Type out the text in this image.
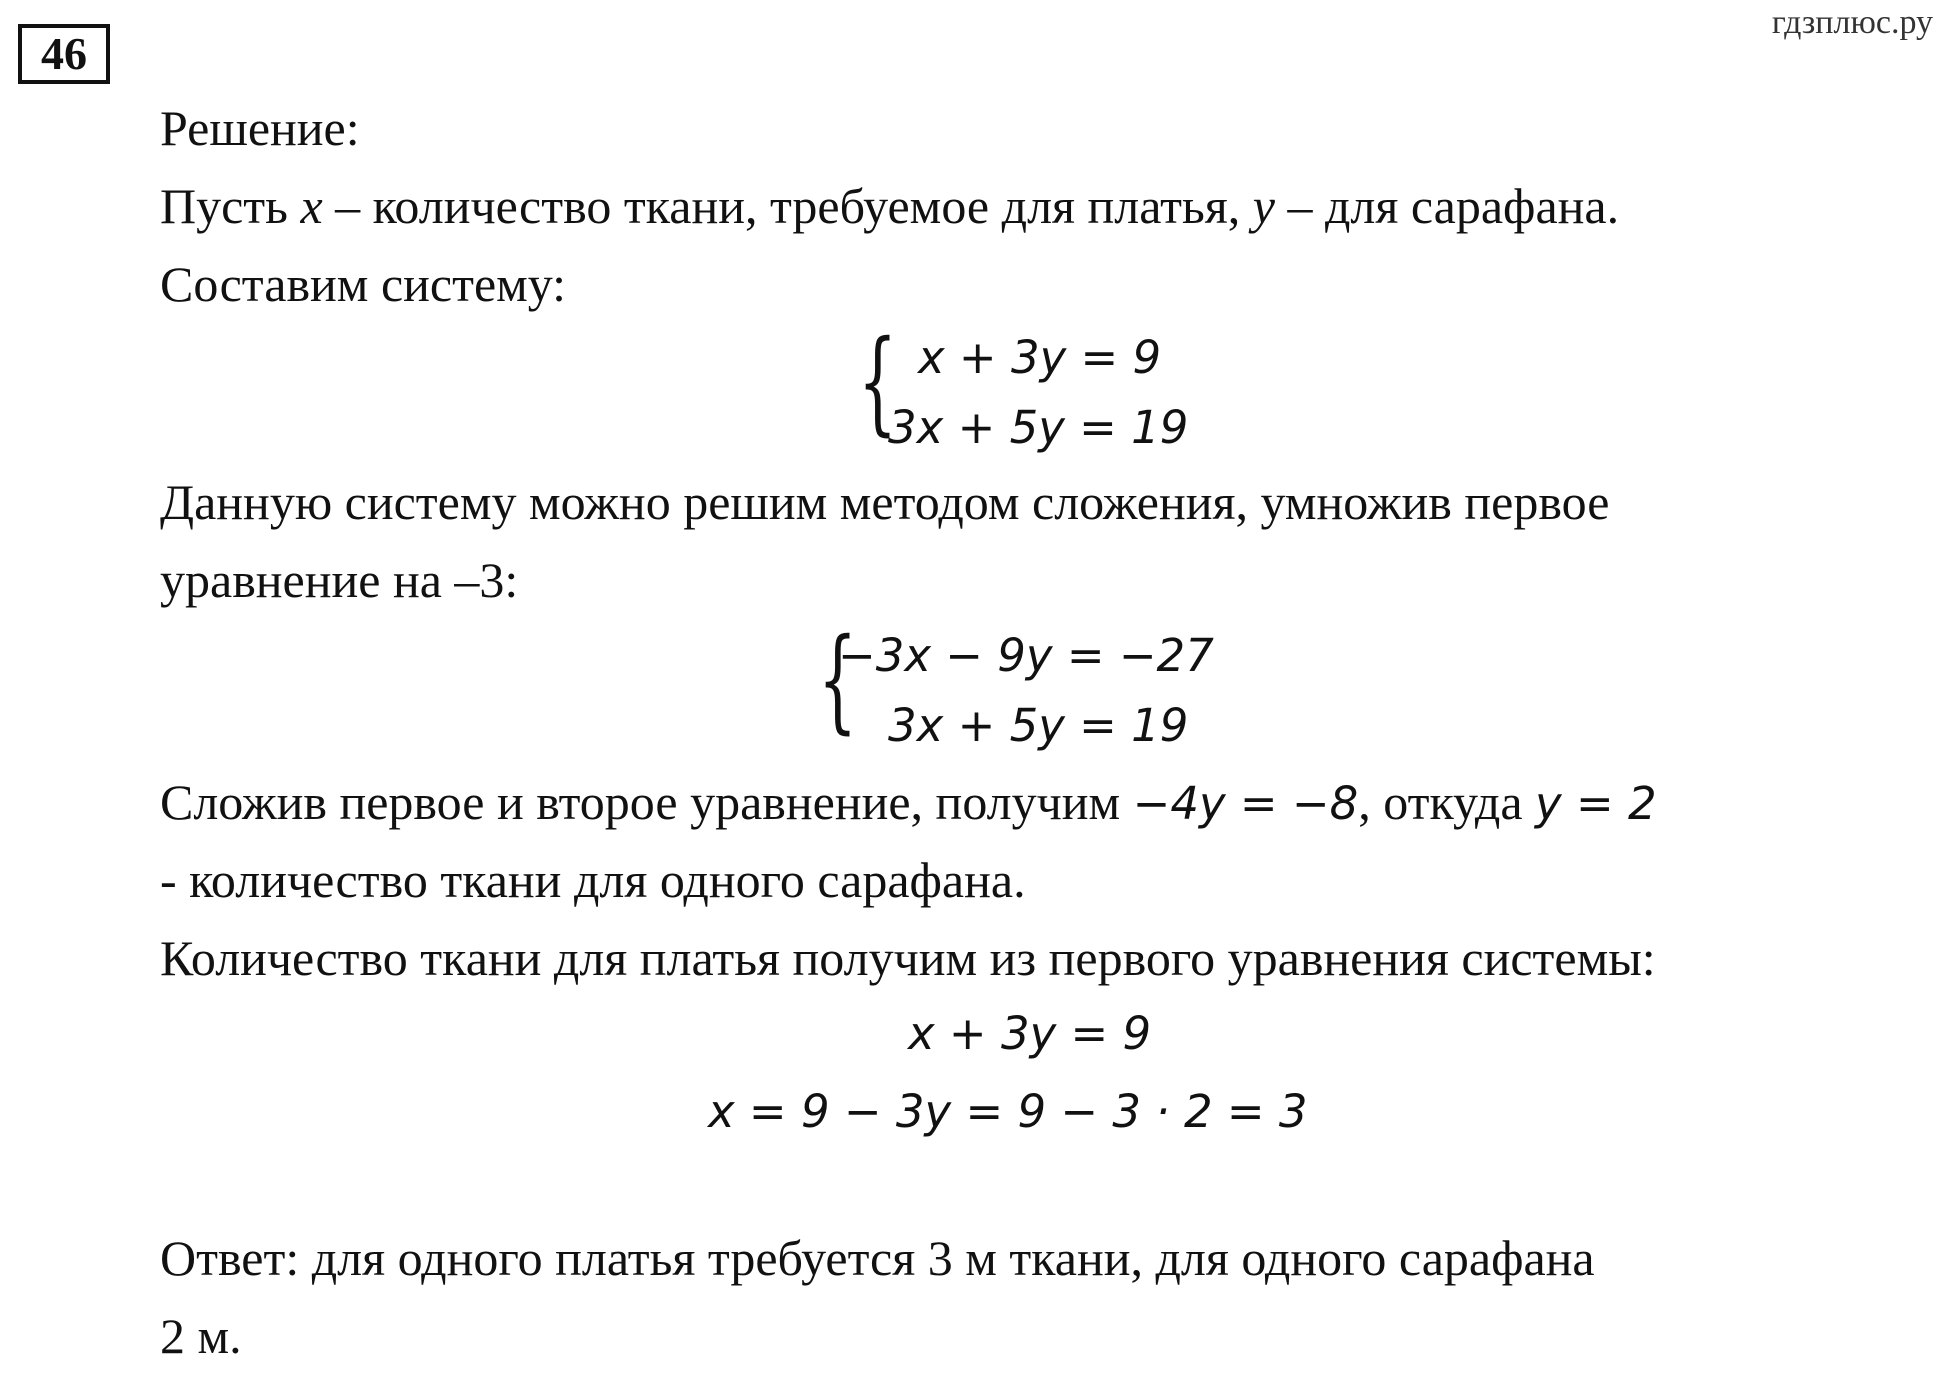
46
гдзплюс.ру
Решение:
Пусть x – количество ткани, требуемое для платья, y – для сарафана.
Составим систему:
{ x + 3y = 9
3x + 5y = 19
Данную систему можно решим методом сложения, умножив первое
уравнение на –3:
{
−3x − 9y = −27
3x + 5y = 19
Сложив первое и второе уравнение, получим −4y = −8, откуда y = 2
- количество ткани для одного сарафана.
Количество ткани для платья получим из первого уравнения системы:
x + 3y = 9
x = 9 − 3y = 9 − 3 · 2 = 3
Ответ: для одного платья требуется 3 м ткани, для одного сарафана
2 м.
